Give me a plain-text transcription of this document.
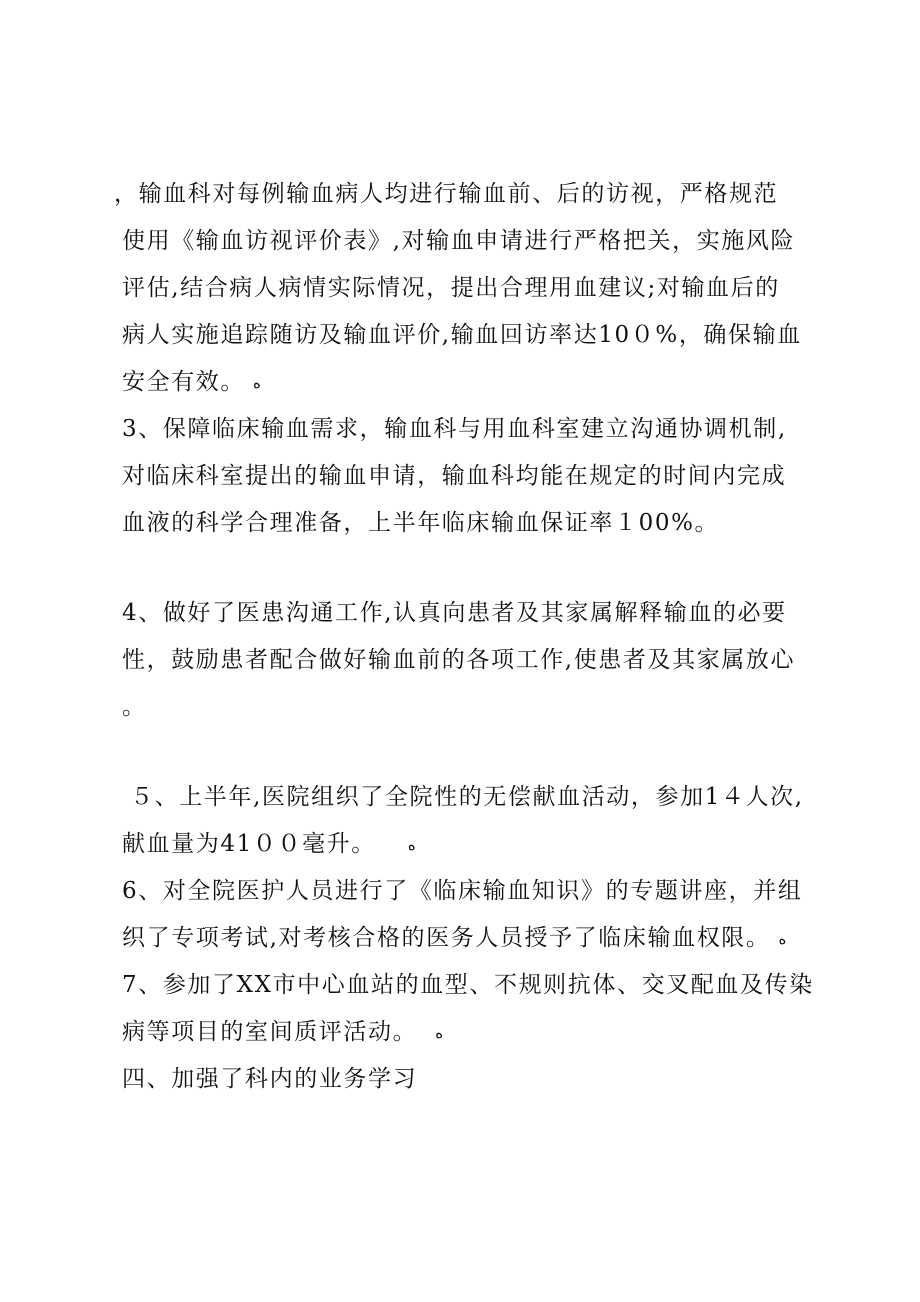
，输血科对每例输血病人均进行输血前、后的访视，严格规范
使用《输血访视评价表》,对输血申请进行严格把关，实施风险
评估,结合病人病情实际情况，提出合理用血建议;对输血后的
病人实施追踪随访及输血评价,输血回访率达10０%，确保输血
安全有效。 ه
3、保障临床输血需求，输血科与用血科室建立沟通协调机制,
对临床科室提出的输血申请，输血科均能在规定的时间内完成
血液的科学合理准备，上半年临床输血保证率１00%。
4、做好了医患沟通工作,认真向患者及其家属解释输血的必要
性，鼓励患者配合做好输血前的各项工作,使患者及其家属放心
。
５、上半年,医院组织了全院性的无偿献血活动，参加1４人次,
献血量为41００毫升。 ه
6、对全院医护人员进行了《临床输血知识》的专题讲座，并组
织了专项考试,对考核合格的医务人员授予了临床输血权限。 ه
7、参加了XX市中心血站的血型、不规则抗体、交叉配血及传染
病等项目的室间质评活动。 ه
四、加强了科内的业务学习
